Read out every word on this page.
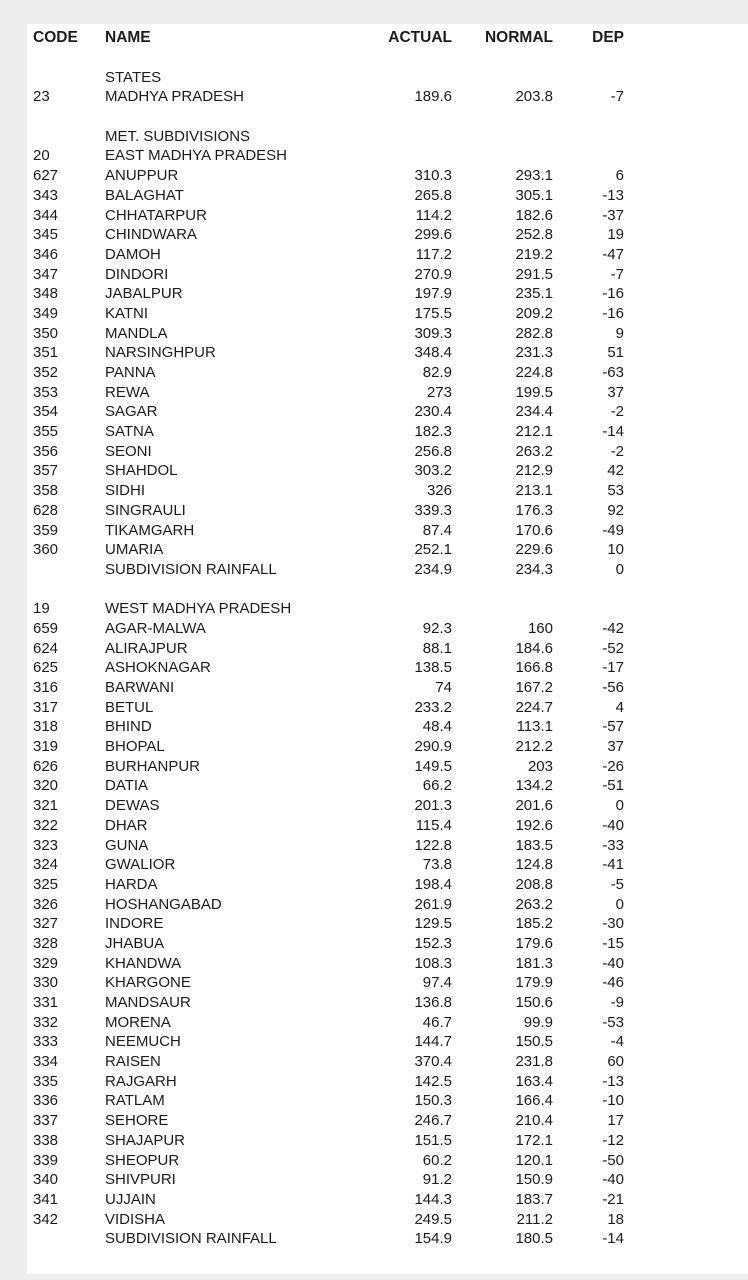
CODE	NAME	ACTUAL	NORMAL	DEP
STATES
23	MADHYA PRADESH	189.6	203.8	-7
MET. SUBDIVISIONS
20	EAST MADHYA PRADESH
627	ANUPPUR	310.3	293.1	6
343	BALAGHAT	265.8	305.1	-13
344	CHHATARPUR	114.2	182.6	-37
345	CHINDWARA	299.6	252.8	19
346	DAMOH	117.2	219.2	-47
347	DINDORI	270.9	291.5	-7
348	JABALPUR	197.9	235.1	-16
349	KATNI	175.5	209.2	-16
350	MANDLA	309.3	282.8	9
351	NARSINGHPUR	348.4	231.3	51
352	PANNA	82.9	224.8	-63
353	REWA	273	199.5	37
354	SAGAR	230.4	234.4	-2
355	SATNA	182.3	212.1	-14
356	SEONI	256.8	263.2	-2
357	SHAHDOL	303.2	212.9	42
358	SIDHI	326	213.1	53
628	SINGRAULI	339.3	176.3	92
359	TIKAMGARH	87.4	170.6	-49
360	UMARIA	252.1	229.6	10
SUBDIVISION RAINFALL	234.9	234.3	0
19	WEST MADHYA PRADESH
659	AGAR-MALWA	92.3	160	-42
624	ALIRAJPUR	88.1	184.6	-52
625	ASHOKNAGAR	138.5	166.8	-17
316	BARWANI	74	167.2	-56
317	BETUL	233.2	224.7	4
318	BHIND	48.4	113.1	-57
319	BHOPAL	290.9	212.2	37
626	BURHANPUR	149.5	203	-26
320	DATIA	66.2	134.2	-51
321	DEWAS	201.3	201.6	0
322	DHAR	115.4	192.6	-40
323	GUNA	122.8	183.5	-33
324	GWALIOR	73.8	124.8	-41
325	HARDA	198.4	208.8	-5
326	HOSHANGABAD	261.9	263.2	0
327	INDORE	129.5	185.2	-30
328	JHABUA	152.3	179.6	-15
329	KHANDWA	108.3	181.3	-40
330	KHARGONE	97.4	179.9	-46
331	MANDSAUR	136.8	150.6	-9
332	MORENA	46.7	99.9	-53
333	NEEMUCH	144.7	150.5	-4
334	RAISEN	370.4	231.8	60
335	RAJGARH	142.5	163.4	-13
336	RATLAM	150.3	166.4	-10
337	SEHORE	246.7	210.4	17
338	SHAJAPUR	151.5	172.1	-12
339	SHEOPUR	60.2	120.1	-50
340	SHIVPURI	91.2	150.9	-40
341	UJJAIN	144.3	183.7	-21
342	VIDISHA	249.5	211.2	18
SUBDIVISION RAINFALL	154.9	180.5	-14
